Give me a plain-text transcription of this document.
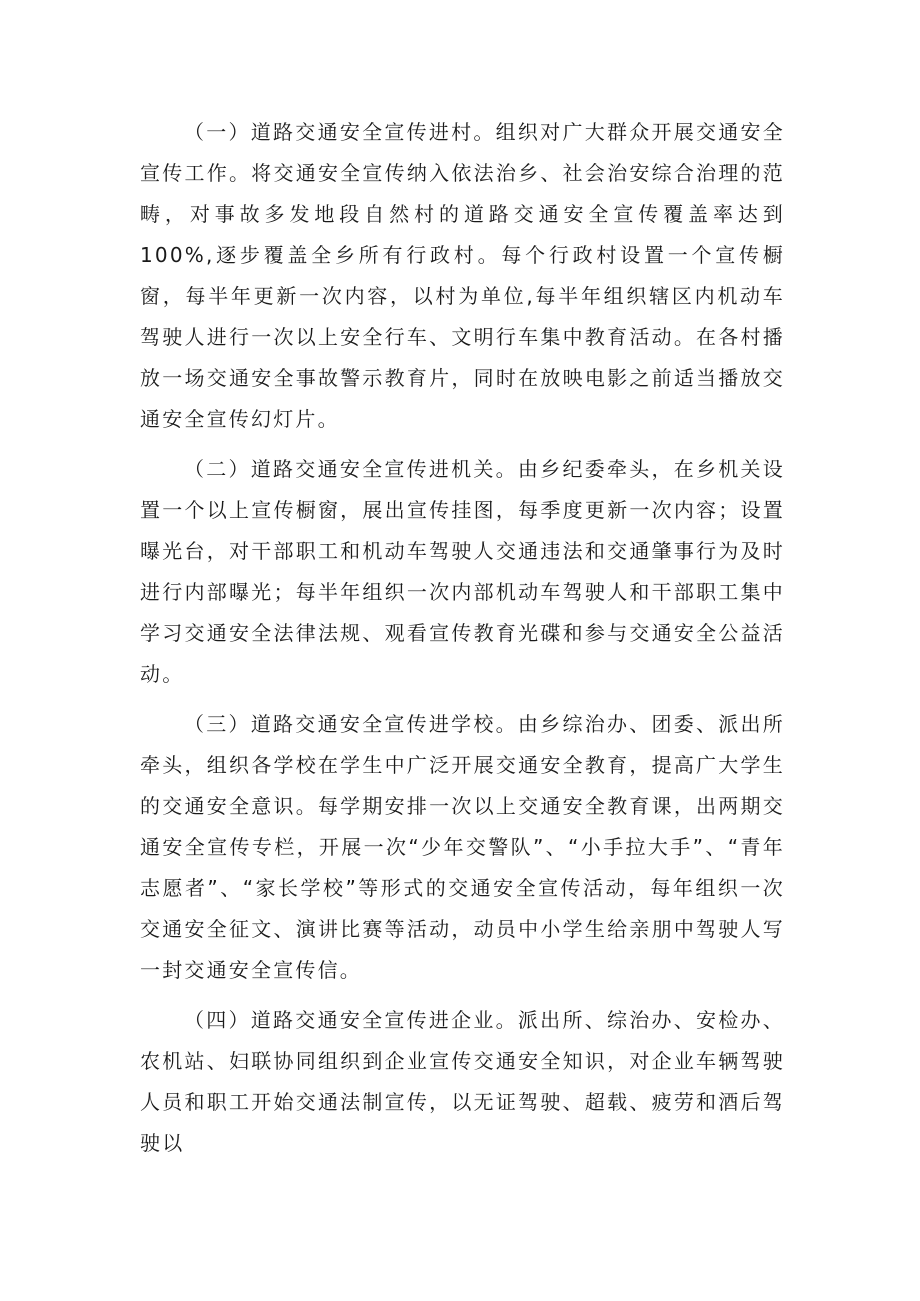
（一）道路交通安全宣传进村。组织对广大群众开展交通安全宣传工作。将交通安全宣传纳入依法治乡、社会治安综合治理的范畴，对事故多发地段自然村的道路交通安全宣传覆盖率达到100%,逐步覆盖全乡所有行政村。每个行政村设置一个宣传橱窗，每半年更新一次内容，以村为单位,每半年组织辖区内机动车驾驶人进行一次以上安全行车、文明行车集中教育活动。在各村播放一场交通安全事故警示教育片，同时在放映电影之前适当播放交通安全宣传幻灯片。

（二）道路交通安全宣传进机关。由乡纪委牵头，在乡机关设置一个以上宣传橱窗，展出宣传挂图，每季度更新一次内容；设置曝光台，对干部职工和机动车驾驶人交通违法和交通肇事行为及时进行内部曝光；每半年组织一次内部机动车驾驶人和干部职工集中学习交通安全法律法规、观看宣传教育光碟和参与交通安全公益活动。

（三）道路交通安全宣传进学校。由乡综治办、团委、派出所牵头，组织各学校在学生中广泛开展交通安全教育，提高广大学生的交通安全意识。每学期安排一次以上交通安全教育课，出两期交通安全宣传专栏，开展一次“少年交警队”、“小手拉大手”、“青年志愿者”、“家长学校”等形式的交通安全宣传活动，每年组织一次交通安全征文、演讲比赛等活动，动员中小学生给亲朋中驾驶人写一封交通安全宣传信。

（四）道路交通安全宣传进企业。派出所、综治办、安检办、农机站、妇联协同组织到企业宣传交通安全知识，对企业车辆驾驶人员和职工开始交通法制宣传，以无证驾驶、超载、疲劳和酒后驾驶以
